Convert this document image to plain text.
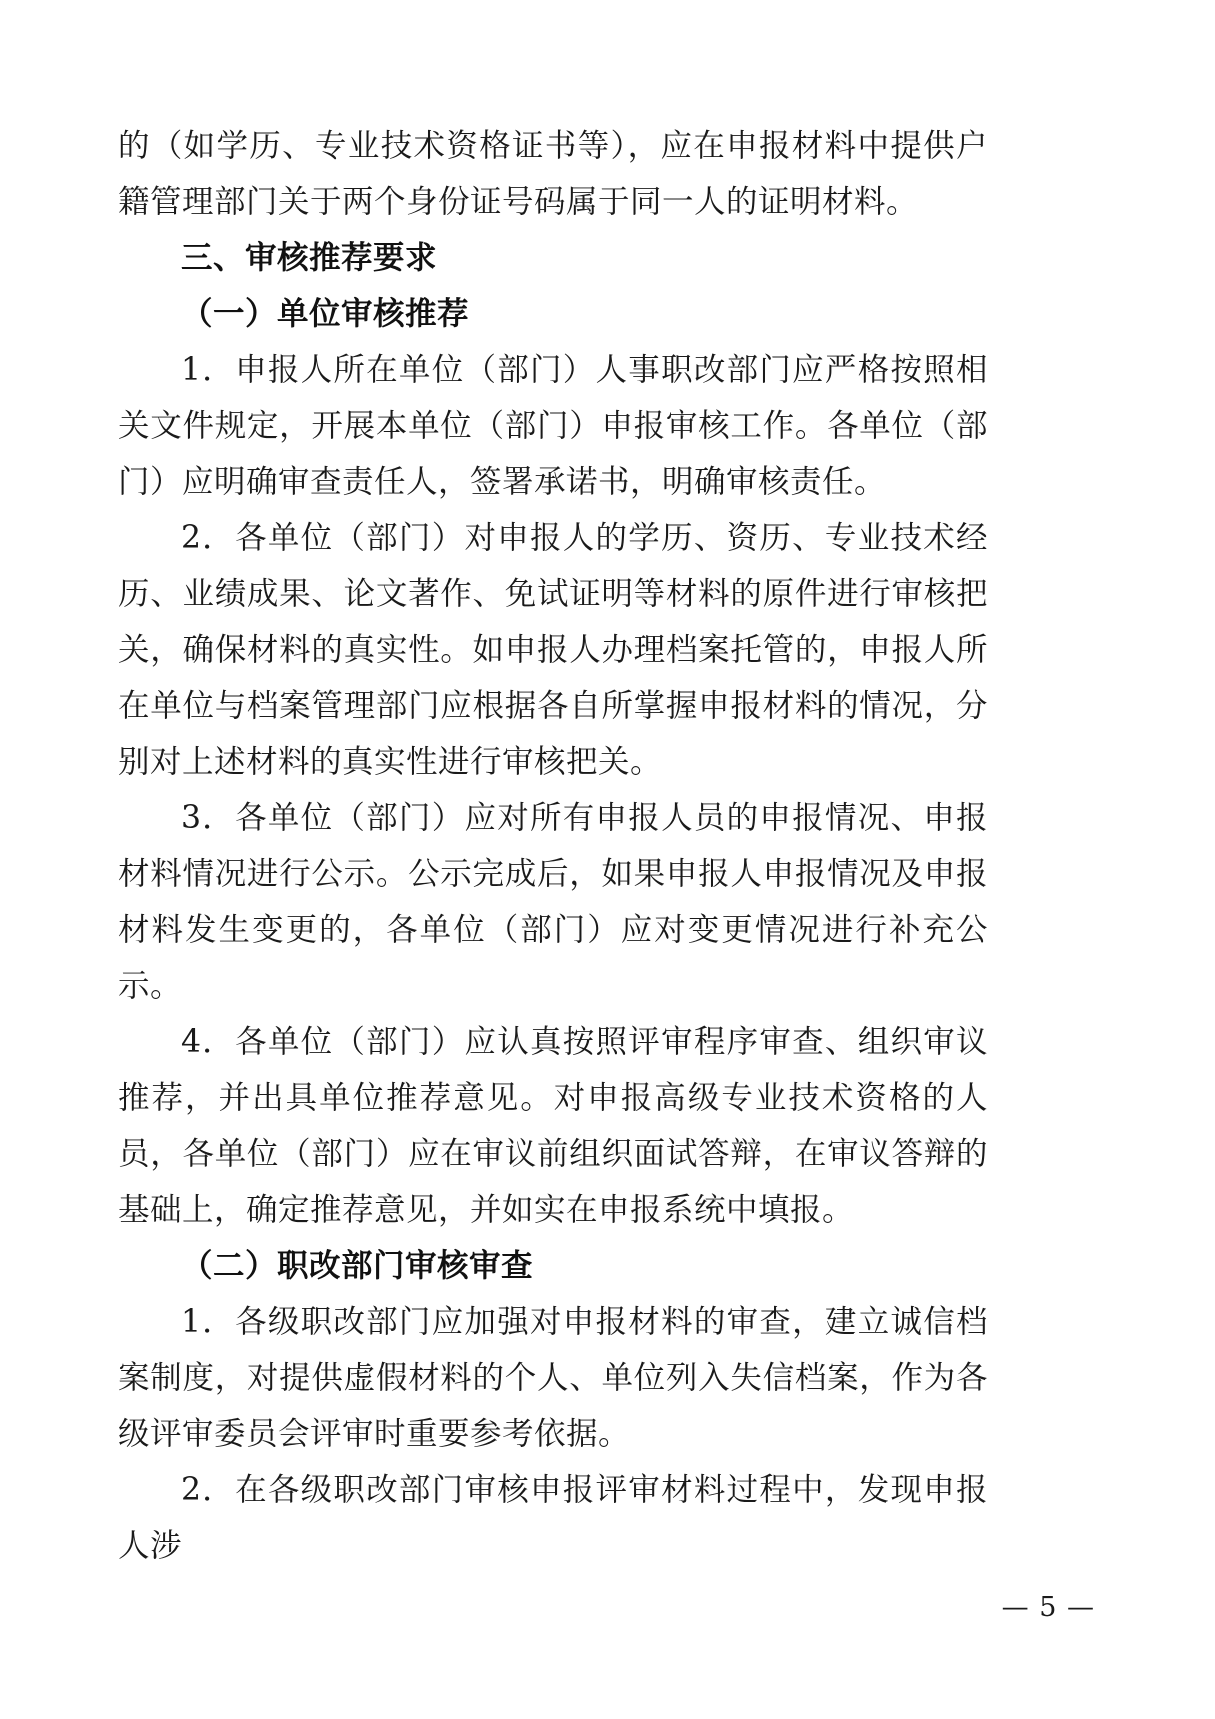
的（如学历、专业技术资格证书等），应在申报材料中提供户籍管理部门关于两个身份证号码属于同一人的证明材料。

三、审核推荐要求

（一）单位审核推荐

1．申报人所在单位（部门）人事职改部门应严格按照相关文件规定，开展本单位（部门）申报审核工作。各单位（部门）应明确审查责任人，签署承诺书，明确审核责任。

2．各单位（部门）对申报人的学历、资历、专业技术经历、业绩成果、论文著作、免试证明等材料的原件进行审核把关，确保材料的真实性。如申报人办理档案托管的，申报人所在单位与档案管理部门应根据各自所掌握申报材料的情况，分别对上述材料的真实性进行审核把关。

3．各单位（部门）应对所有申报人员的申报情况、申报材料情况进行公示。公示完成后，如果申报人申报情况及申报材料发生变更的，各单位（部门）应对变更情况进行补充公示。

4．各单位（部门）应认真按照评审程序审查、组织审议推荐，并出具单位推荐意见。对申报高级专业技术资格的人员，各单位（部门）应在审议前组织面试答辩，在审议答辩的基础上，确定推荐意见，并如实在申报系统中填报。

（二）职改部门审核审查

1．各级职改部门应加强对申报材料的审查，建立诚信档案制度，对提供虚假材料的个人、单位列入失信档案，作为各级评审委员会评审时重要参考依据。

2．在各级职改部门审核申报评审材料过程中，发现申报人涉

— 5 —
